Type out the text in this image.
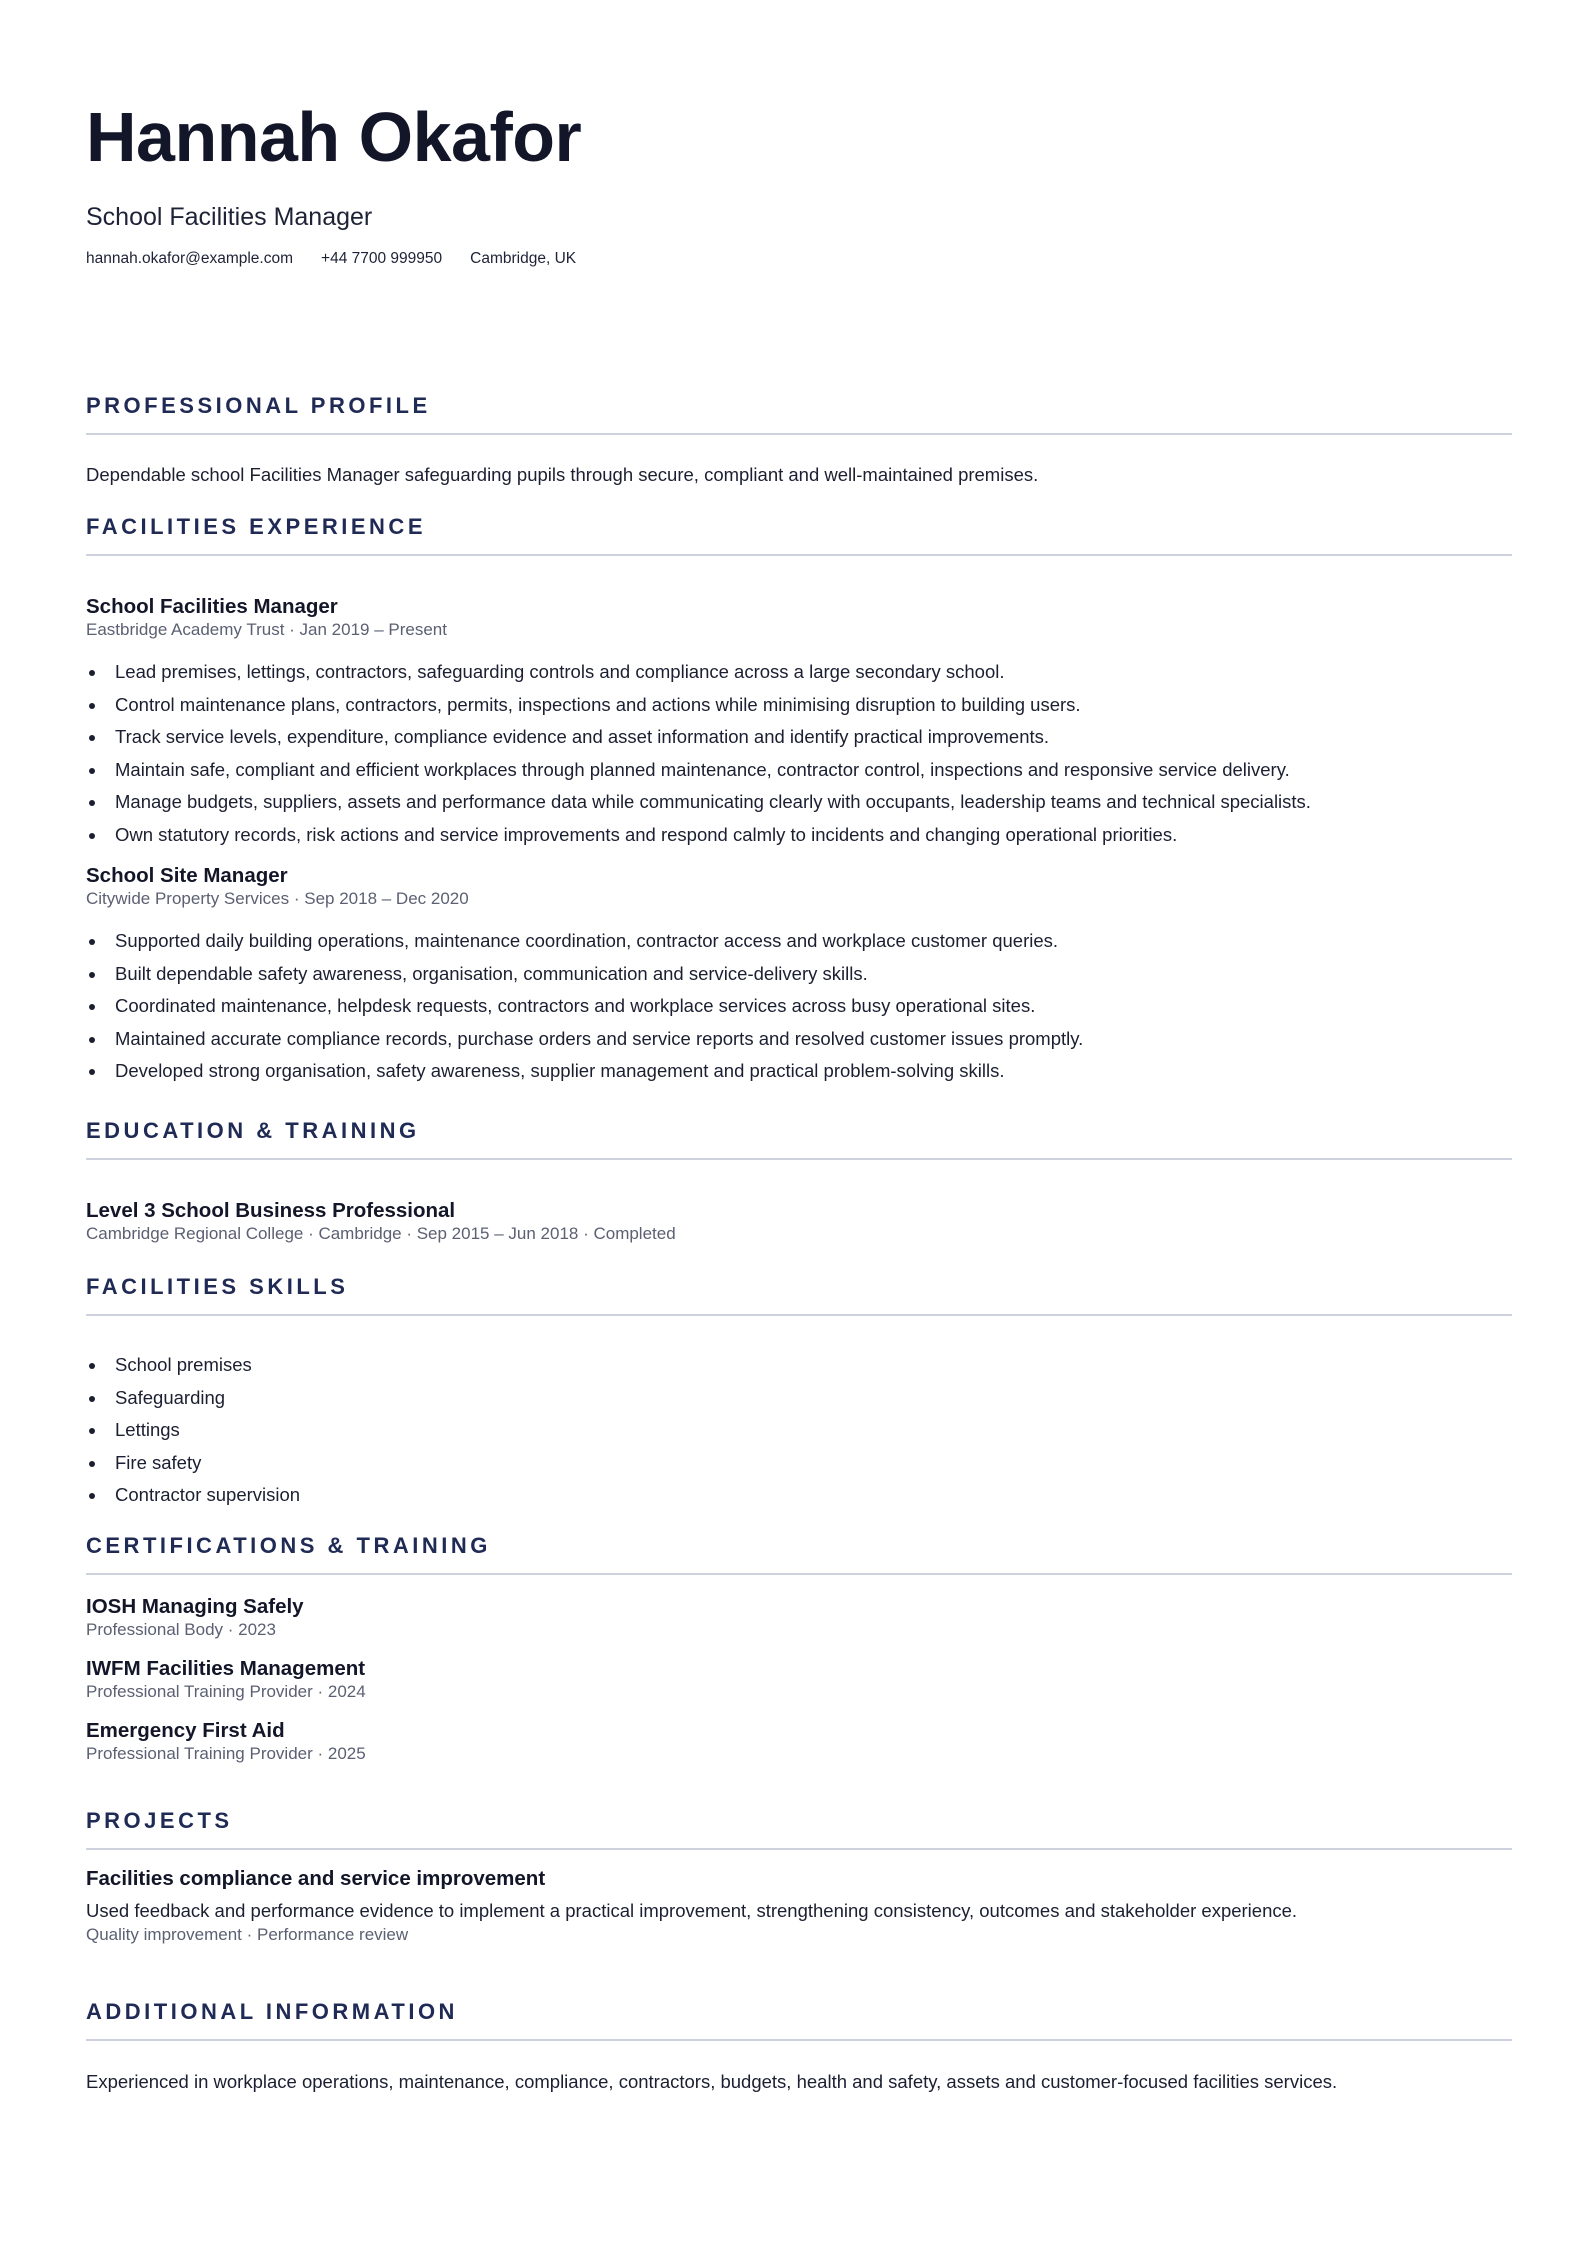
Hannah Okafor
School Facilities Manager
hannah.okafor@example.com +44 7700 999950 Cambridge, UK
PROFESSIONAL PROFILE
Dependable school Facilities Manager safeguarding pupils through secure, compliant and well-maintained premises.
FACILITIES EXPERIENCE
School Facilities Manager
Eastbridge Academy Trust · Jan 2019 – Present
Lead premises, lettings, contractors, safeguarding controls and compliance across a large secondary school.
Control maintenance plans, contractors, permits, inspections and actions while minimising disruption to building users.
Track service levels, expenditure, compliance evidence and asset information and identify practical improvements.
Maintain safe, compliant and efficient workplaces through planned maintenance, contractor control, inspections and responsive service delivery.
Manage budgets, suppliers, assets and performance data while communicating clearly with occupants, leadership teams and technical specialists.
Own statutory records, risk actions and service improvements and respond calmly to incidents and changing operational priorities.
School Site Manager
Citywide Property Services · Sep 2018 – Dec 2020
Supported daily building operations, maintenance coordination, contractor access and workplace customer queries.
Built dependable safety awareness, organisation, communication and service-delivery skills.
Coordinated maintenance, helpdesk requests, contractors and workplace services across busy operational sites.
Maintained accurate compliance records, purchase orders and service reports and resolved customer issues promptly.
Developed strong organisation, safety awareness, supplier management and practical problem-solving skills.
EDUCATION & TRAINING
Level 3 School Business Professional
Cambridge Regional College · Cambridge · Sep 2015 – Jun 2018 · Completed
FACILITIES SKILLS
School premises
Safeguarding
Lettings
Fire safety
Contractor supervision
CERTIFICATIONS & TRAINING
IOSH Managing Safely
Professional Body · 2023
IWFM Facilities Management
Professional Training Provider · 2024
Emergency First Aid
Professional Training Provider · 2025
PROJECTS
Facilities compliance and service improvement
Used feedback and performance evidence to implement a practical improvement, strengthening consistency, outcomes and stakeholder experience.
Quality improvement · Performance review
ADDITIONAL INFORMATION
Experienced in workplace operations, maintenance, compliance, contractors, budgets, health and safety, assets and customer-focused facilities services.
